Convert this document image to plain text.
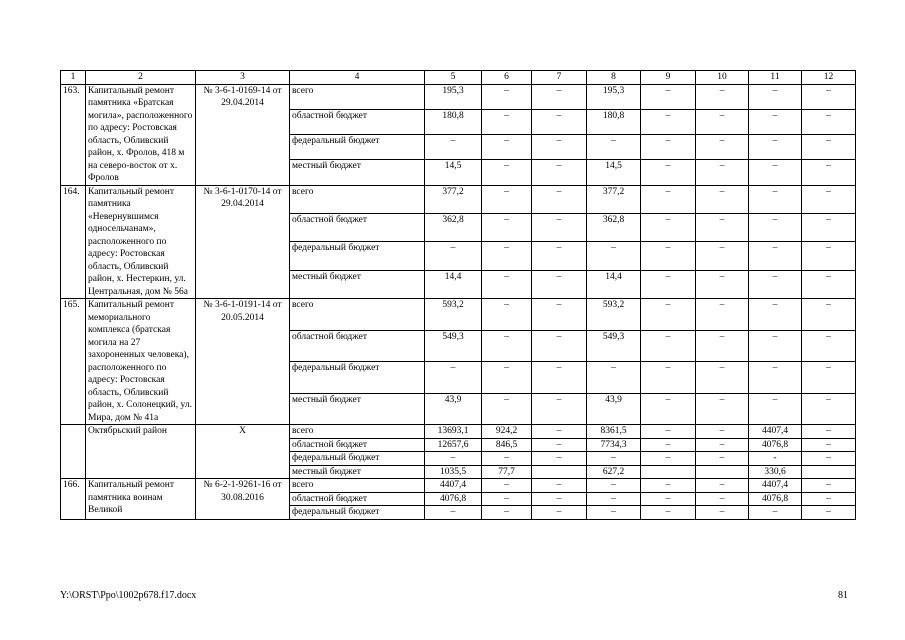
1	2	3	4	5	6	7	8	9	10	11	12
163.	Капитальный ремонт памятника «Братская могила», расположенного по адресу: Ростовская область, Обливский район, х. Фролов, 418 м на северо-восток от х. Фролов	№ 3-6-1-0169-14 от 29.04.2014	всего	195,3	–	–	195,3	–	–	–	–
			областной бюджет	180,8	–	–	180,8	–	–	–	–
			федеральный бюджет	–	–	–	–	–	–	–	–
			местный бюджет	14,5	–	–	14,5	–	–	–	–
164.	Капитальный ремонт памятника «Невернувшимся односельчанам», расположенного по адресу: Ростовская область, Обливский район, х. Нестеркин, ул. Центральная, дом № 56а	№ 3-6-1-0170-14 от 29.04.2014	всего	377,2	–	–	377,2	–	–	–	–
			областной бюджет	362,8	–	–	362,8	–	–	–	–
			федеральный бюджет	–	–	–	–	–	–	–	–
			местный бюджет	14,4	–	–	14,4	–	–	–	–
165.	Капитальный ремонт мемориального комплекса (братская могила на 27 захороненных человека), расположенного по адресу: Ростовская область, Обливский район, х. Солонецкий, ул. Мира, дом № 41а	№ 3-6-1-0191-14 от 20.05.2014	всего	593,2	–	–	593,2	–	–	–	–
			областной бюджет	549,3	–	–	549,3	–	–	–	–
			федеральный бюджет	–	–	–	–	–	–	–	–
			местный бюджет	43,9	–	–	43,9	–	–	–	–
	Октябрьский район	X	всего	13693,1	924,2	–	8361,5	–	–	4407,4	–
			областной бюджет	12657,6	846,5	–	7734,3	–	–	4076,8	–
			федеральный бюджет	–	–	–	–	–	–	-	–
			местный бюджет	1035,5	77,7		627,2			330,6	
166.	Капитальный ремонт памятника воинам Великой	№ 6-2-1-9261-16 от 30.08.2016	всего	4407,4	–	–	–	–	–	4407,4	–
			областной бюджет	4076,8	–	–	–	–	–	4076,8	–
			федеральный бюджет	–	–	–	–	–	–	–	–
Y:\ORST\Ppo\1002p678.f17.docx	81
